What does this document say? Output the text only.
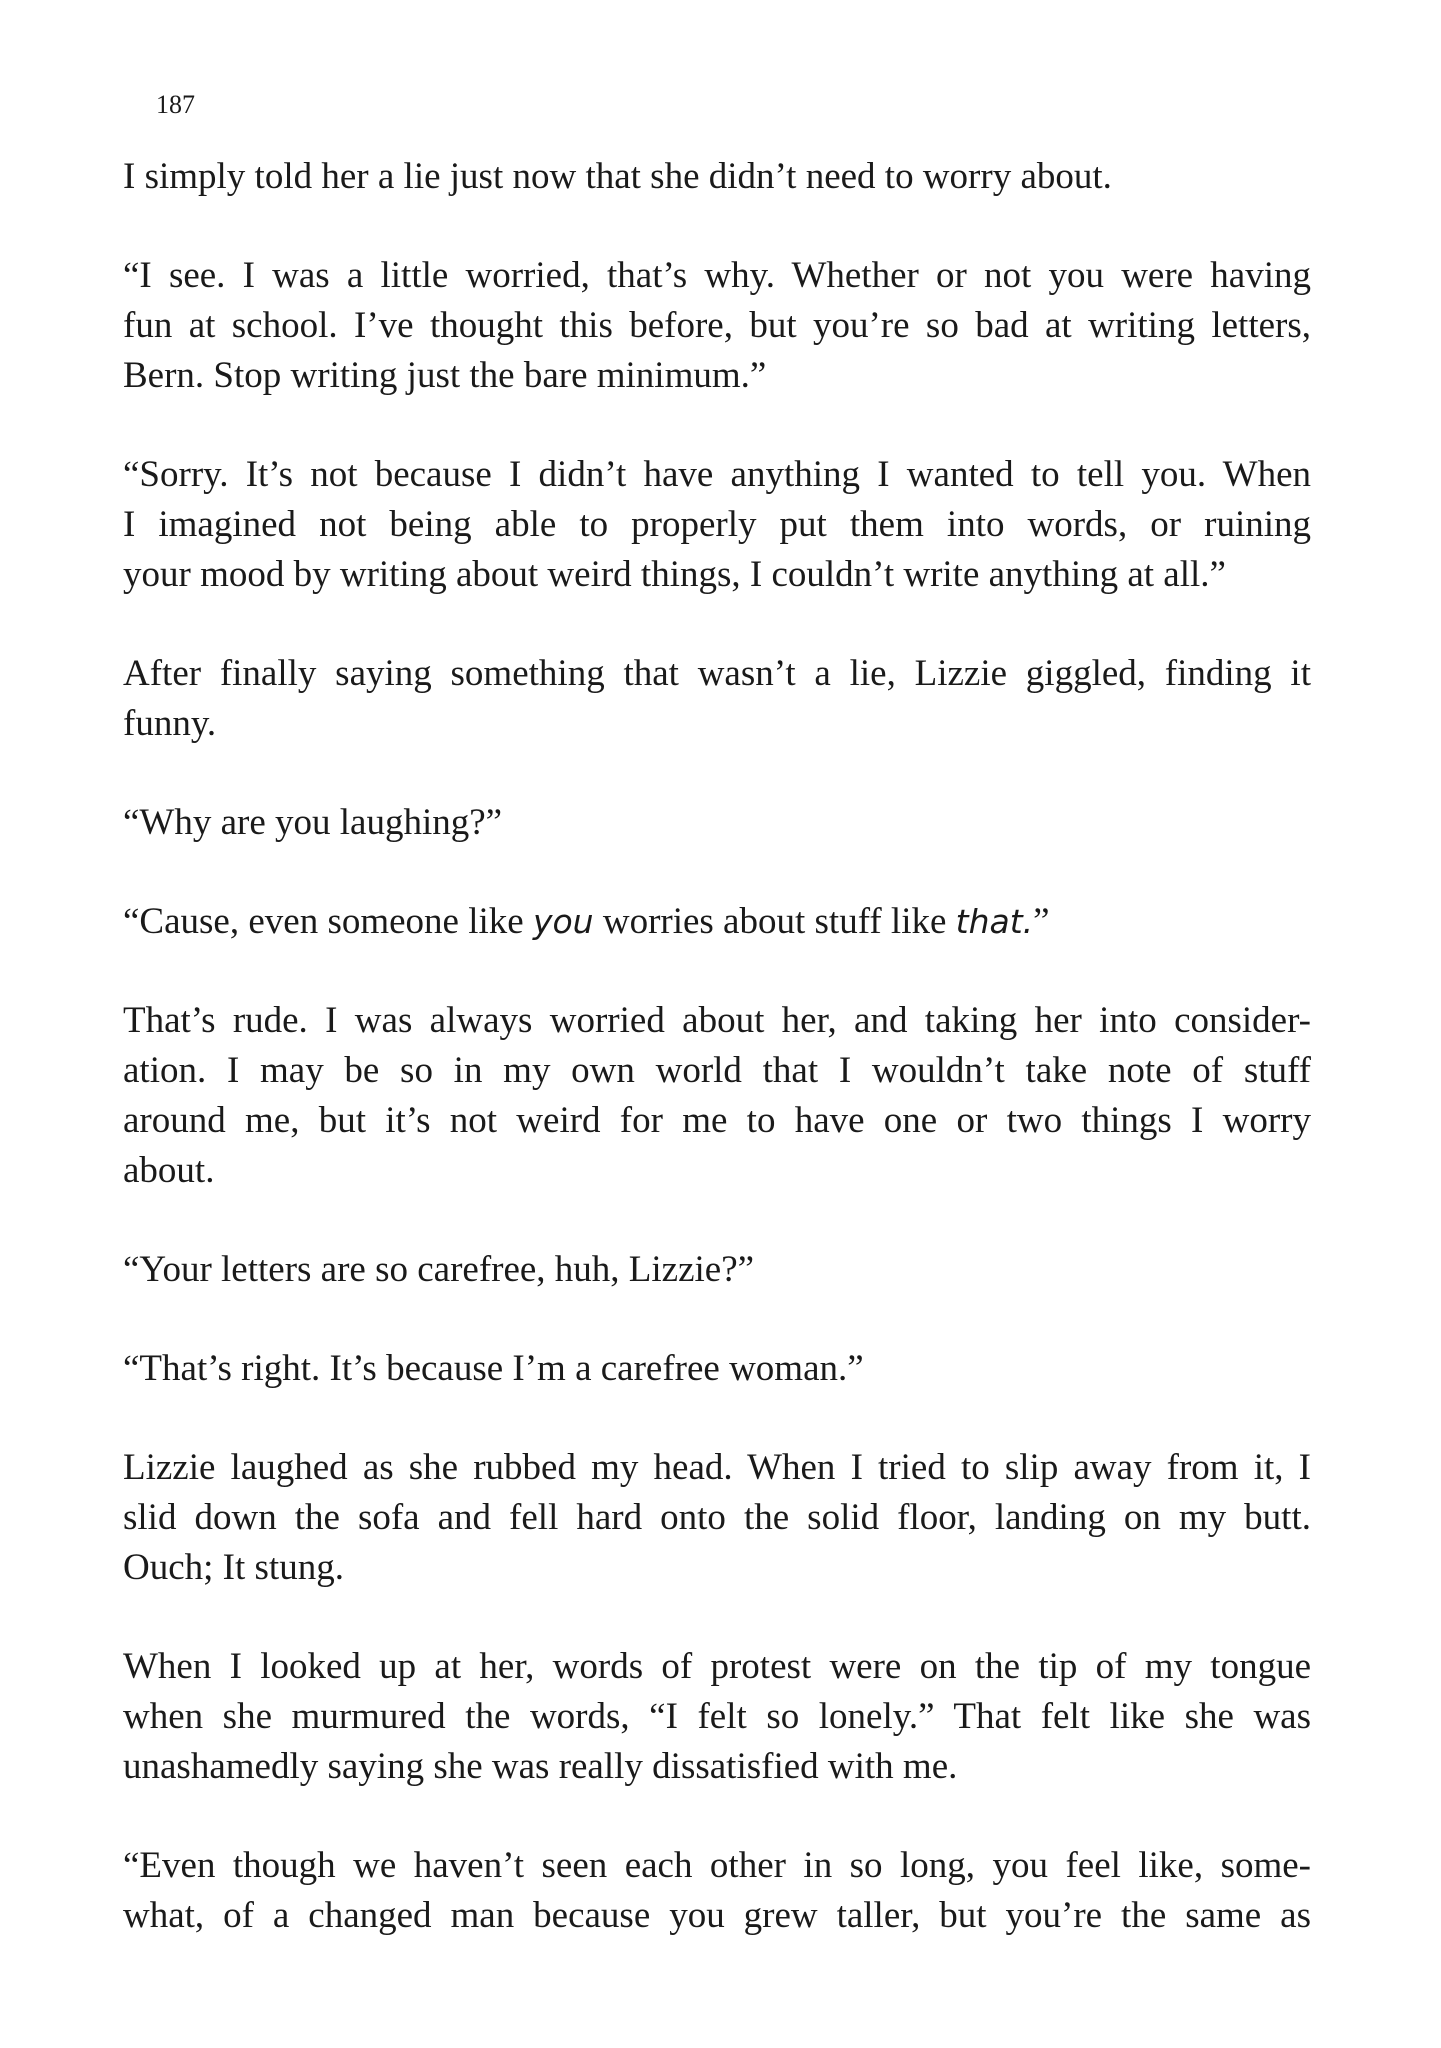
187

I simply told her a lie just now that she didn’t need to worry about.

“I see. I was a little worried, that’s why. Whether or not you were having
fun at school. I’ve thought this before, but you’re so bad at writing letters,
Bern. Stop writing just the bare minimum.”

“Sorry. It’s not because I didn’t have anything I wanted to tell you. When
I imagined not being able to properly put them into words, or ruining
your mood by writing about weird things, I couldn’t write anything at all.”

After finally saying something that wasn’t a lie, Lizzie giggled, finding it
funny.

“Why are you laughing?”

“Cause, even someone like you worries about stuff like that.”

That’s rude. I was always worried about her, and taking her into consider-
ation. I may be so in my own world that I wouldn’t take note of stuff
around me, but it’s not weird for me to have one or two things I worry
about.

“Your letters are so carefree, huh, Lizzie?”

“That’s right. It’s because I’m a carefree woman.”

Lizzie laughed as she rubbed my head. When I tried to slip away from it, I
slid down the sofa and fell hard onto the solid floor, landing on my butt.
Ouch; It stung.

When I looked up at her, words of protest were on the tip of my tongue
when she murmured the words, “I felt so lonely.” That felt like she was
unashamedly saying she was really dissatisfied with me.

“Even though we haven’t seen each other in so long, you feel like, some-
what, of a changed man because you grew taller, but you’re the same as
